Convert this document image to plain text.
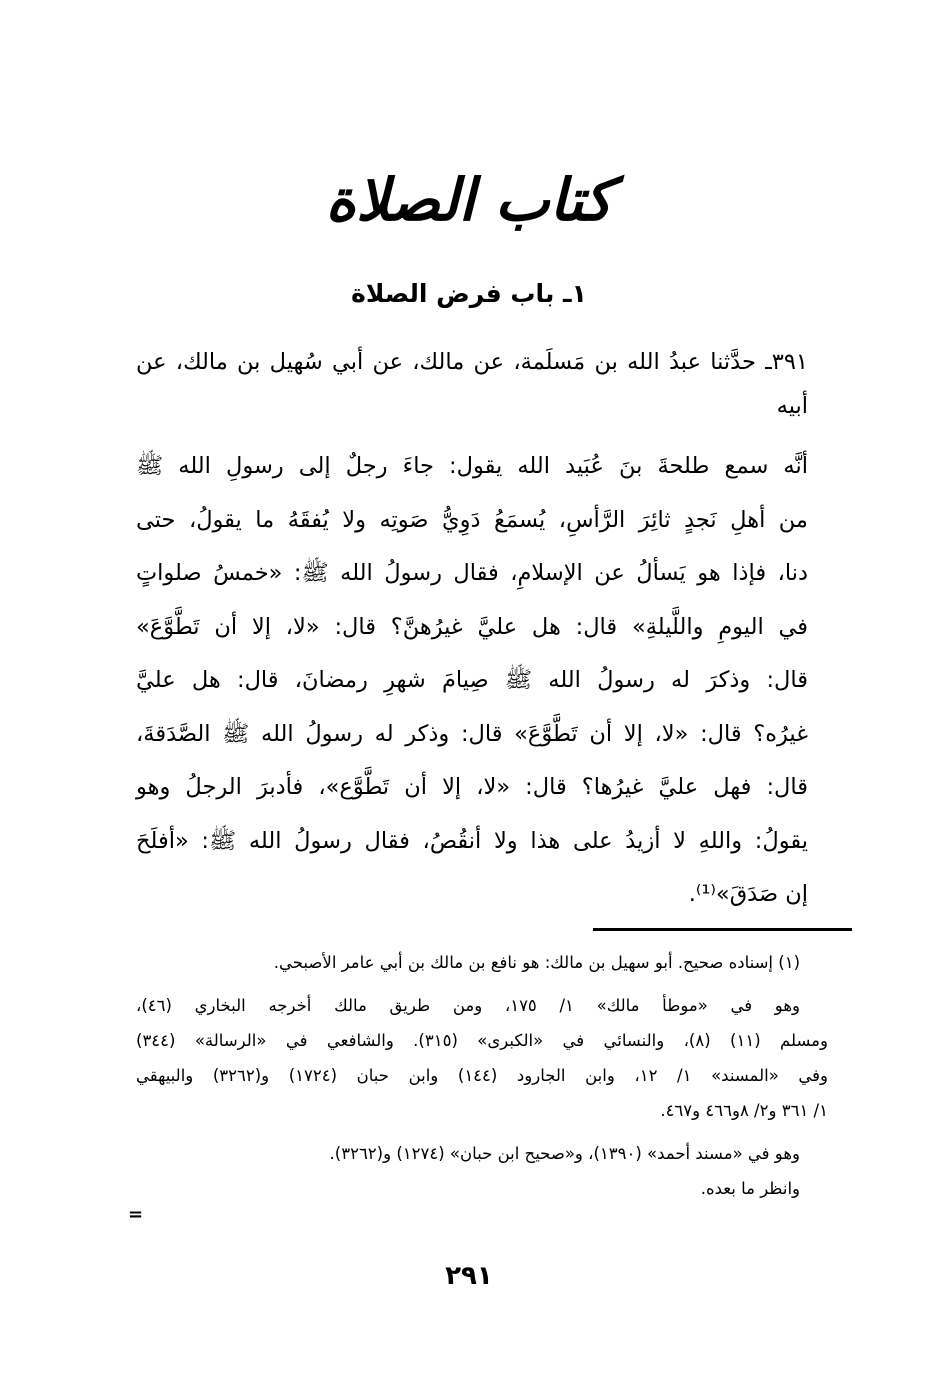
كتاب الصلاة
١ـ باب فرض الصلاة
٣٩١ـ حدَّثنا عبدُ الله بن مَسلَمة، عن مالك، عن أبي سُهيل بن مالك، عن أبيه
أنَّه سمع طلحةَ بنَ عُبَيد الله يقول: جاءَ رجلٌ إلى رسولِ الله ﷺ
من أهلِ نَجدٍ ثائِرَ الرَّأسِ، يُسمَعُ دَوِيُّ صَوتِه ولا يُفقَهُ ما يقولُ، حتى
دنا، فإذا هو يَسألُ عن الإسلامِ، فقال رسولُ الله ﷺ: «خمسُ صلواتٍ
في اليومِ واللَّيلةِ» قال: هل عليَّ غيرُهنَّ؟ قال: «لا، إلا أن تَطَّوَّعَ»
قال: وذكرَ له رسولُ الله ﷺ صِيامَ شهرِ رمضانَ، قال: هل عليَّ
غيرُه؟ قال: «لا، إلا أن تَطَّوَّعَ» قال: وذكر له رسولُ الله ﷺ الصَّدَقةَ،
قال: فهل عليَّ غيرُها؟ قال: «لا، إلا أن تَطَّوَّع»، فأدبرَ الرجلُ وهو
يقولُ: واللهِ لا أزيدُ على هذا ولا أنقُصُ، فقال رسولُ الله ﷺ: «أفلَحَ
إن صَدَقَ»⁽¹⁾.
(١) إسناده صحيح. أبو سهيل بن مالك: هو نافع بن مالك بن أبي عامر الأصبحي.
وهو في «موطأ مالك» ١/ ١٧٥، ومن طريق مالك أخرجه البخاري (٤٦)،
ومسلم (١١) (٨)، والنسائي في «الكبرى» (٣١٥). والشافعي في «الرسالة» (٣٤٤)
وفي «المسند» ١/ ١٢، وابن الجارود (١٤٤) وابن حبان (١٧٢٤) و(٣٢٦٢) والبيهقي
١/ ٣٦١ و٢/ ٨و٤٦٦ و٤٦٧.
وهو في «مسند أحمد» (١٣٩٠)، و«صحيح ابن حبان» (١٢٧٤) و(٣٢٦٢).
وانظر ما بعده.
=
٢٩١
